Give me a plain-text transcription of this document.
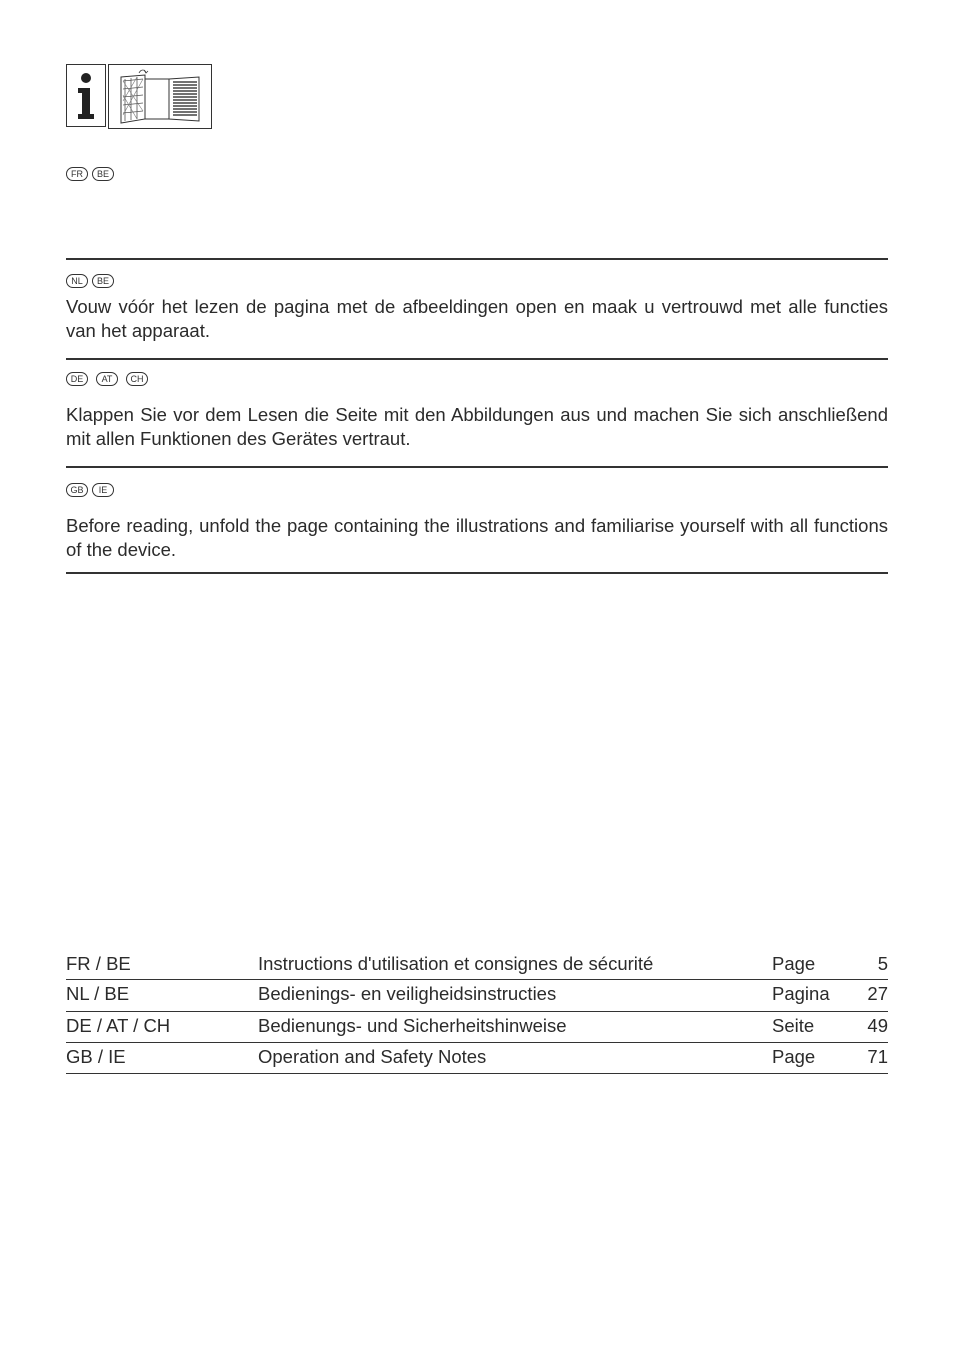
FR	BE
NL	BE

Vouw vóór het lezen de pagina met de afbeeldingen open en maak u vertrouwd met alle functies van het apparaat.

DE	AT	CH

Klappen Sie vor dem Lesen die Seite mit den Abbildungen aus und machen Sie sich anschließend mit allen Funktionen des Gerätes vertraut.

GB	IE

Before reading, unfold the page containing the illustrations and familiarise yourself with all functions of the device.

FR / BE	Instructions d'utilisation et consignes de sécurité	Page	5
NL / BE	Bedienings- en veiligheidsinstructies	Pagina 27
DE / AT / CH	Bedienungs- und Sicherheitshinweise	Seite	49
GB / IE	Operation and Safety Notes	Page	71
